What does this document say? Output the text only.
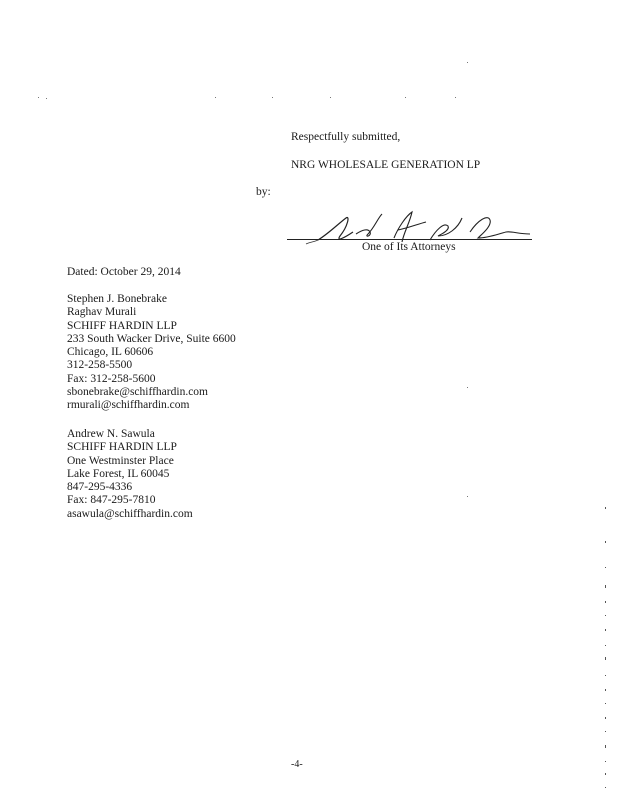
Respectfully submitted,
NRG WHOLESALE GENERATION LP
by:
One of Its Attorneys
Dated: October 29, 2014
Stephen J. Bonebrake
Raghav Murali
SCHIFF HARDIN LLP
233 South Wacker Drive, Suite 6600
Chicago, IL 60606
312-258-5500
Fax: 312-258-5600
sbonebrake@schiffhardin.com
rmurali@schiffhardin.com
Andrew N. Sawula
SCHIFF HARDIN LLP
One Westminster Place
Lake Forest, IL 60045
847-295-4336
Fax: 847-295-7810
asawula@schiffhardin.com
-4-
